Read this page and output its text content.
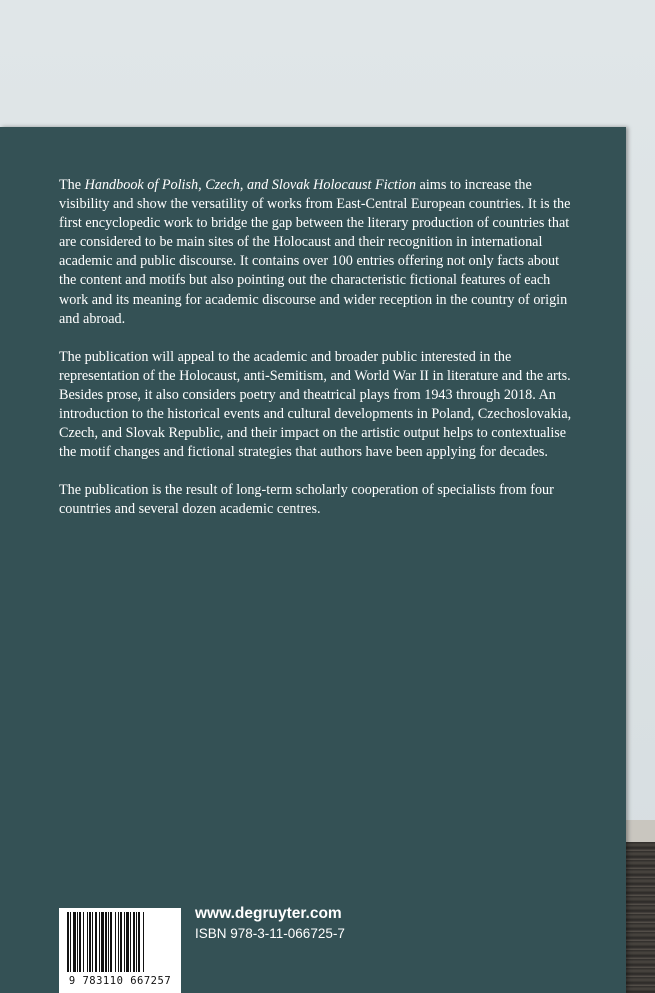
The Handbook of Polish, Czech, and Slovak Holocaust Fiction aims to increase the visibility and show the versatility of works from East-Central European countries. It is the first encyclopedic work to bridge the gap between the literary production of countries that are considered to be main sites of the Holocaust and their recognition in international academic and public discourse. It contains over 100 entries offering not only facts about the content and motifs but also pointing out the characteristic fictional features of each work and its meaning for academic discourse and wider reception in the country of origin and abroad.

The publication will appeal to the academic and broader public interested in the representation of the Holocaust, anti-Semitism, and World War II in literature and the arts. Besides prose, it also considers poetry and theatrical plays from 1943 through 2018. An introduction to the historical events and cultural developments in Poland, Czechoslovakia, Czech, and Slovak Republic, and their impact on the artistic output helps to contextualise the motif changes and fictional strategies that authors have been applying for decades.

The publication is the result of long-term scholarly cooperation of specialists from four countries and several dozen academic centres.

9 783110 667257
www.degruyter.com
ISBN 978-3-11-066725-7
